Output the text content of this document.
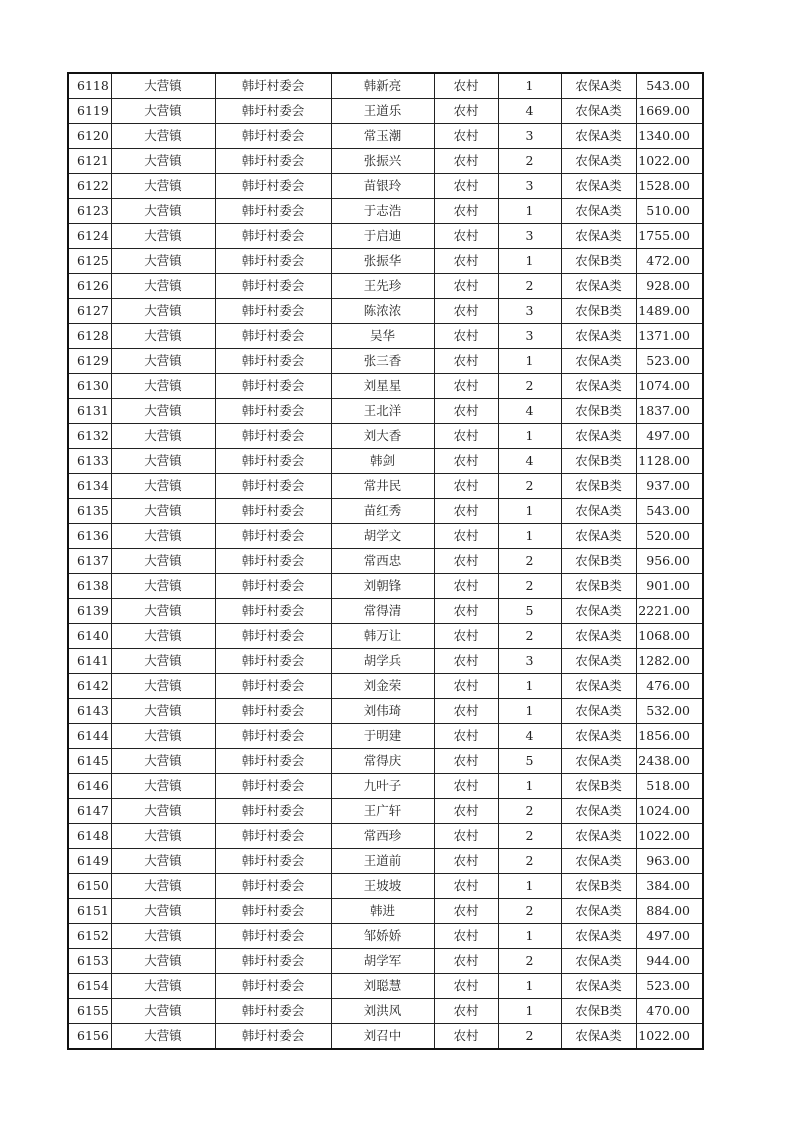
6118	大营镇	韩圩村委会	韩新亮	农村	1	农保A类	543.00
6119	大营镇	韩圩村委会	王道乐	农村	4	农保A类	1669.00
6120	大营镇	韩圩村委会	常玉潮	农村	3	农保A类	1340.00
6121	大营镇	韩圩村委会	张振兴	农村	2	农保A类	1022.00
6122	大营镇	韩圩村委会	苗银玲	农村	3	农保A类	1528.00
6123	大营镇	韩圩村委会	于志浩	农村	1	农保A类	510.00
6124	大营镇	韩圩村委会	于启迪	农村	3	农保A类	1755.00
6125	大营镇	韩圩村委会	张振华	农村	1	农保B类	472.00
6126	大营镇	韩圩村委会	王先珍	农村	2	农保A类	928.00
6127	大营镇	韩圩村委会	陈浓浓	农村	3	农保B类	1489.00
6128	大营镇	韩圩村委会	吴华	农村	3	农保A类	1371.00
6129	大营镇	韩圩村委会	张三香	农村	1	农保A类	523.00
6130	大营镇	韩圩村委会	刘星星	农村	2	农保A类	1074.00
6131	大营镇	韩圩村委会	王北洋	农村	4	农保B类	1837.00
6132	大营镇	韩圩村委会	刘大香	农村	1	农保A类	497.00
6133	大营镇	韩圩村委会	韩剑	农村	4	农保B类	1128.00
6134	大营镇	韩圩村委会	常井民	农村	2	农保B类	937.00
6135	大营镇	韩圩村委会	苗红秀	农村	1	农保A类	543.00
6136	大营镇	韩圩村委会	胡学文	农村	1	农保A类	520.00
6137	大营镇	韩圩村委会	常西忠	农村	2	农保B类	956.00
6138	大营镇	韩圩村委会	刘朝锋	农村	2	农保B类	901.00
6139	大营镇	韩圩村委会	常得清	农村	5	农保A类	2221.00
6140	大营镇	韩圩村委会	韩万让	农村	2	农保A类	1068.00
6141	大营镇	韩圩村委会	胡学兵	农村	3	农保A类	1282.00
6142	大营镇	韩圩村委会	刘金荣	农村	1	农保A类	476.00
6143	大营镇	韩圩村委会	刘伟琦	农村	1	农保A类	532.00
6144	大营镇	韩圩村委会	于明建	农村	4	农保A类	1856.00
6145	大营镇	韩圩村委会	常得庆	农村	5	农保A类	2438.00
6146	大营镇	韩圩村委会	九叶子	农村	1	农保B类	518.00
6147	大营镇	韩圩村委会	王广轩	农村	2	农保A类	1024.00
6148	大营镇	韩圩村委会	常西珍	农村	2	农保A类	1022.00
6149	大营镇	韩圩村委会	王道前	农村	2	农保A类	963.00
6150	大营镇	韩圩村委会	王坡坡	农村	1	农保B类	384.00
6151	大营镇	韩圩村委会	韩进	农村	2	农保A类	884.00
6152	大营镇	韩圩村委会	邹娇娇	农村	1	农保A类	497.00
6153	大营镇	韩圩村委会	胡学军	农村	2	农保A类	944.00
6154	大营镇	韩圩村委会	刘聪慧	农村	1	农保A类	523.00
6155	大营镇	韩圩村委会	刘洪风	农村	1	农保B类	470.00
6156	大营镇	韩圩村委会	刘召中	农村	2	农保A类	1022.00
